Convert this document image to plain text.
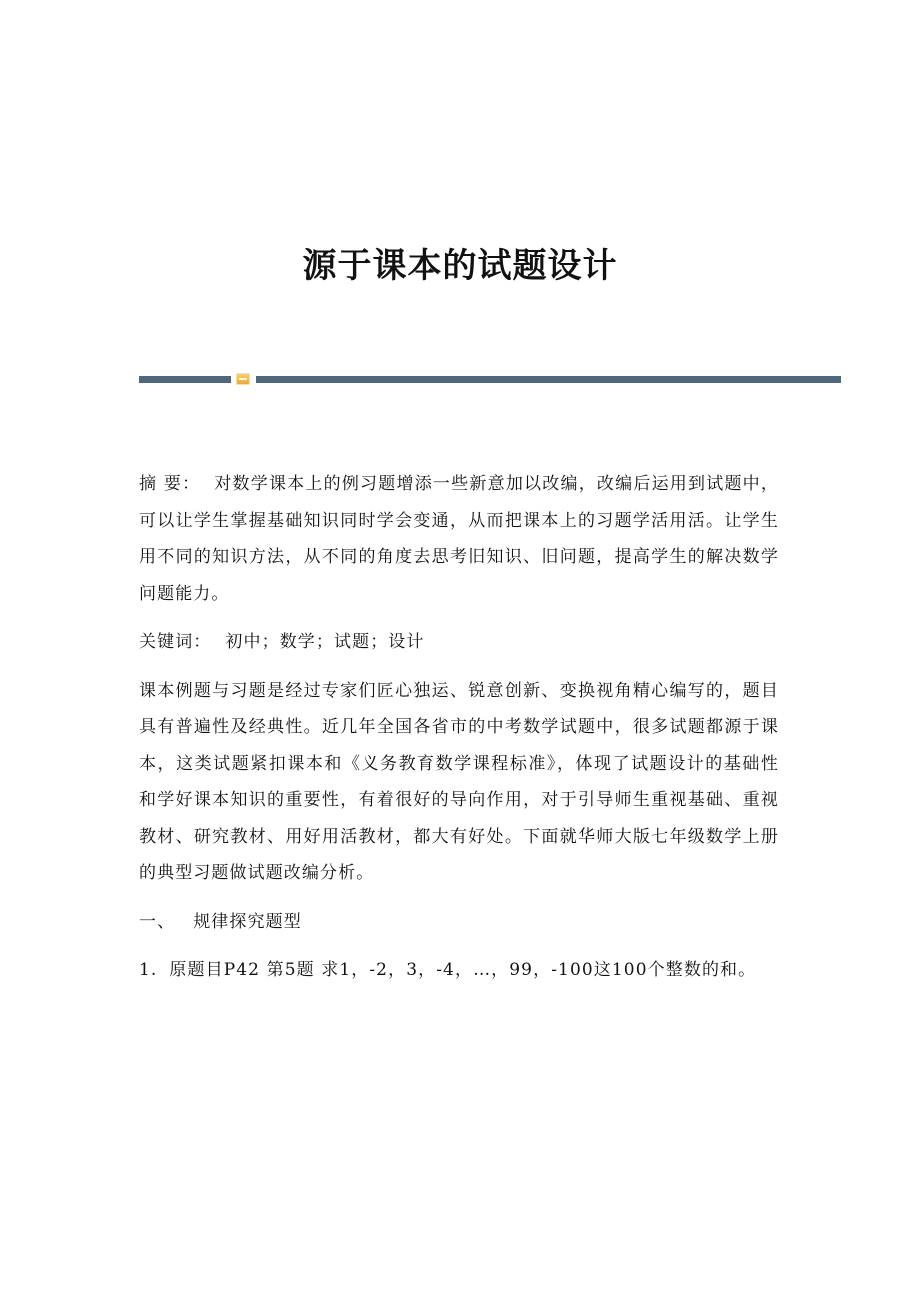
源于课本的试题设计

摘 要： 对数学课本上的例习题增添一些新意加以改编，改编后运用到试题中，可以让学生掌握基础知识同时学会变通，从而把课本上的习题学活用活。让学生用不同的知识方法，从不同的角度去思考旧知识、旧问题，提高学生的解决数学问题能力。

关键词： 初中；数学；试题；设计

课本例题与习题是经过专家们匠心独运、锐意创新、变换视角精心编写的，题目具有普遍性及经典性。近几年全国各省市的中考数学试题中，很多试题都源于课本，这类试题紧扣课本和《义务教育数学课程标准》，体现了试题设计的基础性和学好课本知识的重要性，有着很好的导向作用，对于引导师生重视基础、重视教材、研究教材、用好用活教材，都大有好处。下面就华师大版七年级数学上册的典型习题做试题改编分析。

一、 规律探究题型

1. 原题目P42 第5题 求1，-2，3，-4，…，99，-100这100个整数的和。
